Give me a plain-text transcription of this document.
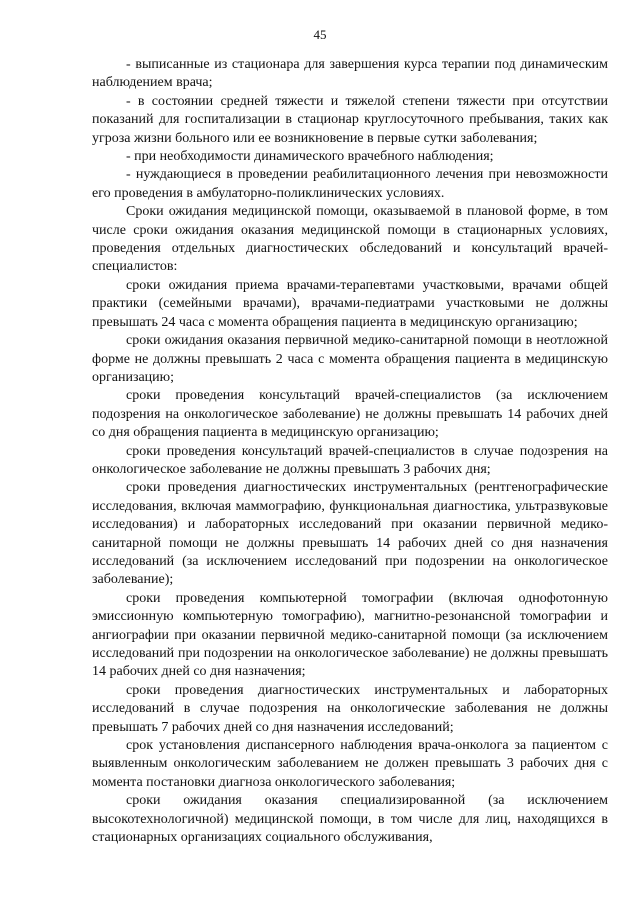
45

- выписанные из стационара для завершения курса терапии под динамическим наблюдением врача;

- в состоянии средней тяжести и тяжелой степени тяжести при отсутствии показаний для госпитализации в стационар круглосуточного пребывания, таких как угроза жизни больного или ее возникновение в первые сутки заболевания;

- при необходимости динамического врачебного наблюдения;

- нуждающиеся в проведении реабилитационного лечения при невозможности его проведения в амбулаторно-поликлинических условиях.

Сроки ожидания медицинской помощи, оказываемой в плановой форме, в том числе сроки ожидания оказания медицинской помощи в стационарных условиях, проведения отдельных диагностических обследований и консультаций врачей-специалистов:

сроки ожидания приема врачами-терапевтами участковыми, врачами общей практики (семейными врачами), врачами-педиатрами участковыми не должны превышать 24 часа с момента обращения пациента в медицинскую организацию;

сроки ожидания оказания первичной медико-санитарной помощи в неотложной форме не должны превышать 2 часа с момента обращения пациента в медицинскую организацию;

сроки проведения консультаций врачей-специалистов (за исключением подозрения на онкологическое заболевание) не должны превышать 14 рабочих дней со дня обращения пациента в медицинскую организацию;

сроки проведения консультаций врачей-специалистов в случае подозрения на онкологическое заболевание не должны превышать 3 рабочих дня;

сроки проведения диагностических инструментальных (рентгенографические исследования, включая маммографию, функциональная диагностика, ультразвуковые исследования) и лабораторных исследований при оказании первичной медико-санитарной помощи не должны превышать 14 рабочих дней со дня назначения исследований (за исключением исследований при подозрении на онкологическое заболевание);

сроки проведения компьютерной томографии (включая однофотонную эмиссионную компьютерную томографию), магнитно-резонансной томографии и ангиографии при оказании первичной медико-санитарной помощи (за исключением исследований при подозрении на онкологическое заболевание) не должны превышать 14 рабочих дней со дня назначения;

сроки проведения диагностических инструментальных и лабораторных исследований в случае подозрения на онкологические заболевания не должны превышать 7 рабочих дней со дня назначения исследований;

срок установления диспансерного наблюдения врача-онколога за пациентом с выявленным онкологическим заболеванием не должен превышать 3 рабочих дня с момента постановки диагноза онкологического заболевания;

сроки ожидания оказания специализированной (за исключением высокотехнологичной) медицинской помощи, в том числе для лиц, находящихся в стационарных организациях социального обслуживания,
